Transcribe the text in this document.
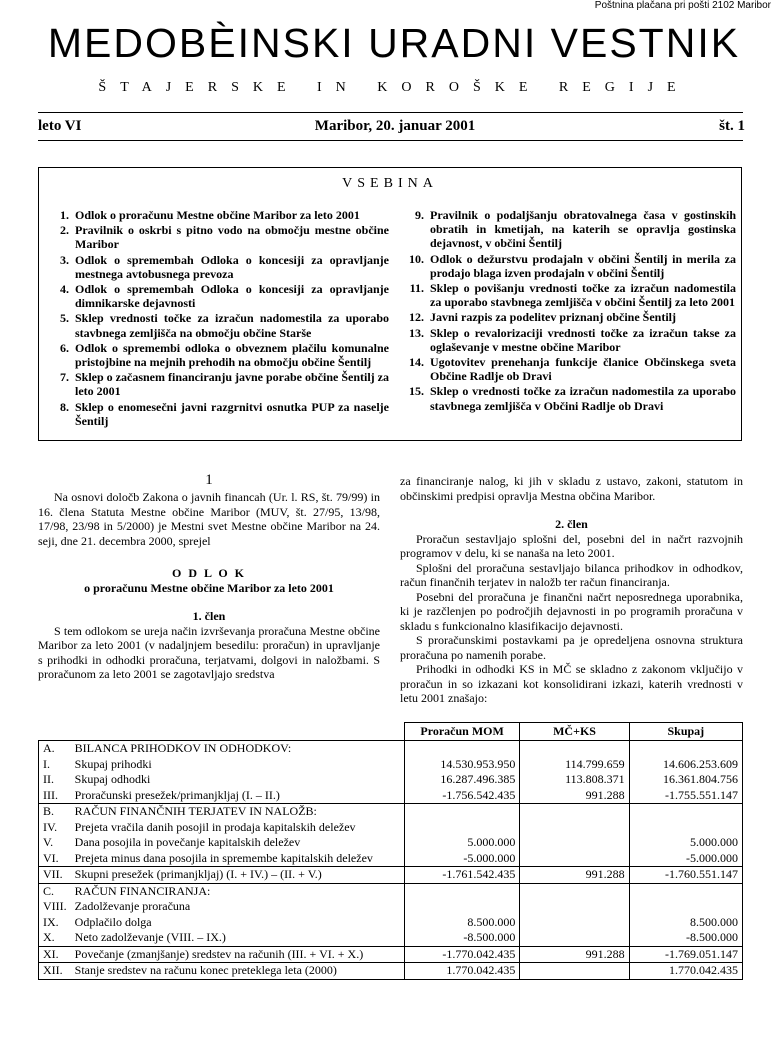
Poštnina plačana pri pošti 2102 Maribor
MEDOBÈINSKI URADNI VESTNIK
ŠTAJERSKE IN KOROŠKE REGIJE
leto VI	Maribor, 20. januar 2001	št. 1
VSEBINA
1. Odlok o proračunu Mestne občine Maribor za leto 2001
2. Pravilnik o oskrbi s pitno vodo na območju mestne občine Maribor
3. Odlok o spremembah Odloka o koncesiji za opravljanje mestnega avtobusnega prevoza
4. Odlok o spremembah Odloka o koncesiji za opravljanje dimnikarske dejavnosti
5. Sklep vrednosti točke za izračun nadomestila za uporabo stavbnega zemljišča na območju občine Starše
6. Odlok o spremembi odloka o obveznem plačilu komunalne pristojbine na mejnih prehodih na območju občine Šentilj
7. Sklep o začasnem financiranju javne porabe občine Šentilj za leto 2001
8. Sklep o enomesečni javni razgrnitvi osnutka PUP za naselje Šentilj
9. Pravilnik o podaljšanju obratovalnega časa v gostinskih obratih in kmetijah, na katerih se opravlja gostinska dejavnost, v občini Šentilj
10. Odlok o dežurstvu prodajaln v občini Šentilj in merila za prodajo blaga izven prodajaln v občini Šentilj
11. Sklep o povišanju vrednosti točke za izračun nadomestila za uporabo stavbnega zemljišča v občini Šentilj za leto 2001
12. Javni razpis za podelitev priznanj občine Šentilj
13. Sklep o revalorizaciji vrednosti točke za izračun takse za oglaševanje v mestne občine Maribor
14. Ugotovitev prenehanja funkcije članice Občinskega sveta Občine Radlje ob Dravi
15. Sklep o vrednosti točke za izračun nadomestila za uporabo stavbnega zemljišča v Občini Radlje ob Dravi
1

Na osnovi določb Zakona o javnih financah (Ur. l. RS, št. 79/99) in 16. člena Statuta Mestne občine Maribor (MUV, št. 27/95, 13/98, 17/98, 23/98 in 5/2000) je Mestni svet Mestne občine Maribor na 24. seji, dne 21. decembra 2000, sprejel

O D L O K

o proračunu Mestne občine Maribor za leto 2001

1. člen

S tem odlokom se ureja način izvrševanja proračuna Mestne občine Maribor za leto 2001 (v nadaljnjem besedilu: proračun) in upravljanje s prihodki in odhodki proračuna, terjatvami, dolgovi in naložbami. S proračunom za leto 2001 se zagotavljajo sredstva

za financiranje nalog, ki jih v skladu z ustavo, zakoni, statutom in občinskimi predpisi opravlja Mestna občina Maribor.

2. člen

Proračun sestavljajo splošni del, posebni del in načrt razvojnih programov v delu, ki se nanaša na leto 2001.

Splošni del proračuna sestavljajo bilanca prihodkov in odhodkov, račun finančnih terjatev in naložb ter račun financiranja.

Posebni del proračuna je finančni načrt neposrednega uporabnika, ki je razčlenjen po področjih dejavnosti in po programih proračuna v skladu s funkcionalno klasifikacijo dejavnosti.

S proračunskimi postavkami pa je opredeljena osnovna struktura proračuna po namenih porabe.

Prihodki in odhodki KS in MČ se skladno z zakonom vključijo v proračun in so izkazani kot konsolidirani izkazi, katerih vrednosti v letu 2001 znašajo:

		Proračun MOM	MČ+KS	Skupaj
A.	BILANCA PRIHODKOV IN ODHODKOV:			
I.	Skupaj prihodki	14.530.953.950	114.799.659	14.606.253.609
II.	Skupaj odhodki	16.287.496.385	113.808.371	16.361.804.756
III.	Proračunski presežek/primanjkljaj (I. – II.)	-1.756.542.435	991.288	-1.755.551.147
B.	RAČUN FINANČNIH TERJATEV IN NALOŽB:			
IV.	Prejeta vračila danih posojil in prodaja kapitalskih deležev			
V.	Dana posojila in povečanje kapitalskih deležev	5.000.000		5.000.000
VI.	Prejeta minus dana posojila in spremembe kapitalskih deležev	-5.000.000		-5.000.000
VII.	Skupni presežek (primanjkljaj) (I. + IV.) – (II. + V.)	-1.761.542.435	991.288	-1.760.551.147
C.	RAČUN FINANCIRANJA:			
VIII.	Zadolževanje proračuna			
IX.	Odplačilo dolga	8.500.000		8.500.000
X.	Neto zadolževanje (VIII. – IX.)	-8.500.000		-8.500.000
XI.	Povečanje (zmanjšanje) sredstev na računih (III. + VI. + X.)	-1.770.042.435	991.288	-1.769.051.147
XII.	Stanje sredstev na računu konec preteklega leta (2000)	1.770.042.435		1.770.042.435
